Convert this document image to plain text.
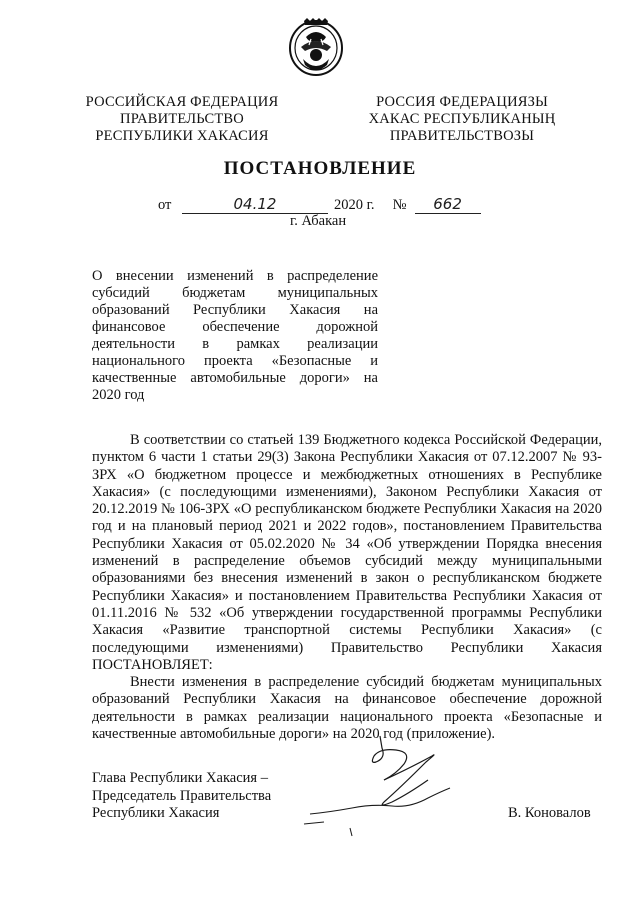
РОССИЙСКАЯ ФЕДЕРАЦИЯ
ПРАВИТЕЛЬСТВО
РЕСПУБЛИКИ ХАКАСИЯ
РОССИЯ ФЕДЕРАЦИЯЗЫ
ХАКАС РЕСПУБЛИКАНЫҢ
ПРАВИТЕЛЬСТВОЗЫ
ПОСТАНОВЛЕНИЕ
от	04.12	2020 г. № 662
г. Абакан
О внесении изменений в распределение субсидий бюджетам муниципальных образований Республики Хакасия на финансовое обеспечение дорожной деятельности в рамках реализации национального проекта «Безопасные и качественные автомобильные дороги» на 2020 год

В соответствии со статьей 139 Бюджетного кодекса Российской Федерации, пунктом 6 части 1 статьи 29(3) Закона Республики Хакасия от 07.12.2007 № 93-ЗРХ «О бюджетном процессе и межбюджетных отношениях в Республике Хакасия» (с последующими изменениями), Законом Республики Хакасия от 20.12.2019 № 106-ЗРХ «О республиканском бюджете Республики Хакасия на 2020 год и на плановый период 2021 и 2022 годов», постановлением Правительства Республики Хакасия от 05.02.2020 № 34 «Об утверждении Порядка внесения изменений в распределение объемов субсидий между муниципальными образованиями без внесения изменений в закон о республиканском бюджете Республики Хакасия» и постановлением Правительства Республики Хакасия от 01.11.2016 № 532 «Об утверждении государственной программы Республики Хакасия «Развитие транспортной системы Республики Хакасия» (с последующими изменениями) Правительство Республики Хакасия ПОСТАНОВЛЯЕТ:

Внести изменения в распределение субсидий бюджетам муниципальных образований Республики Хакасия на финансовое обеспечение дорожной деятельности в рамках реализации национального проекта «Безопасные и качественные автомобильные дороги» на 2020 год (приложение).

Глава Республики Хакасия –
Председатель Правительства
Республики Хакасия	В. Коновалов
